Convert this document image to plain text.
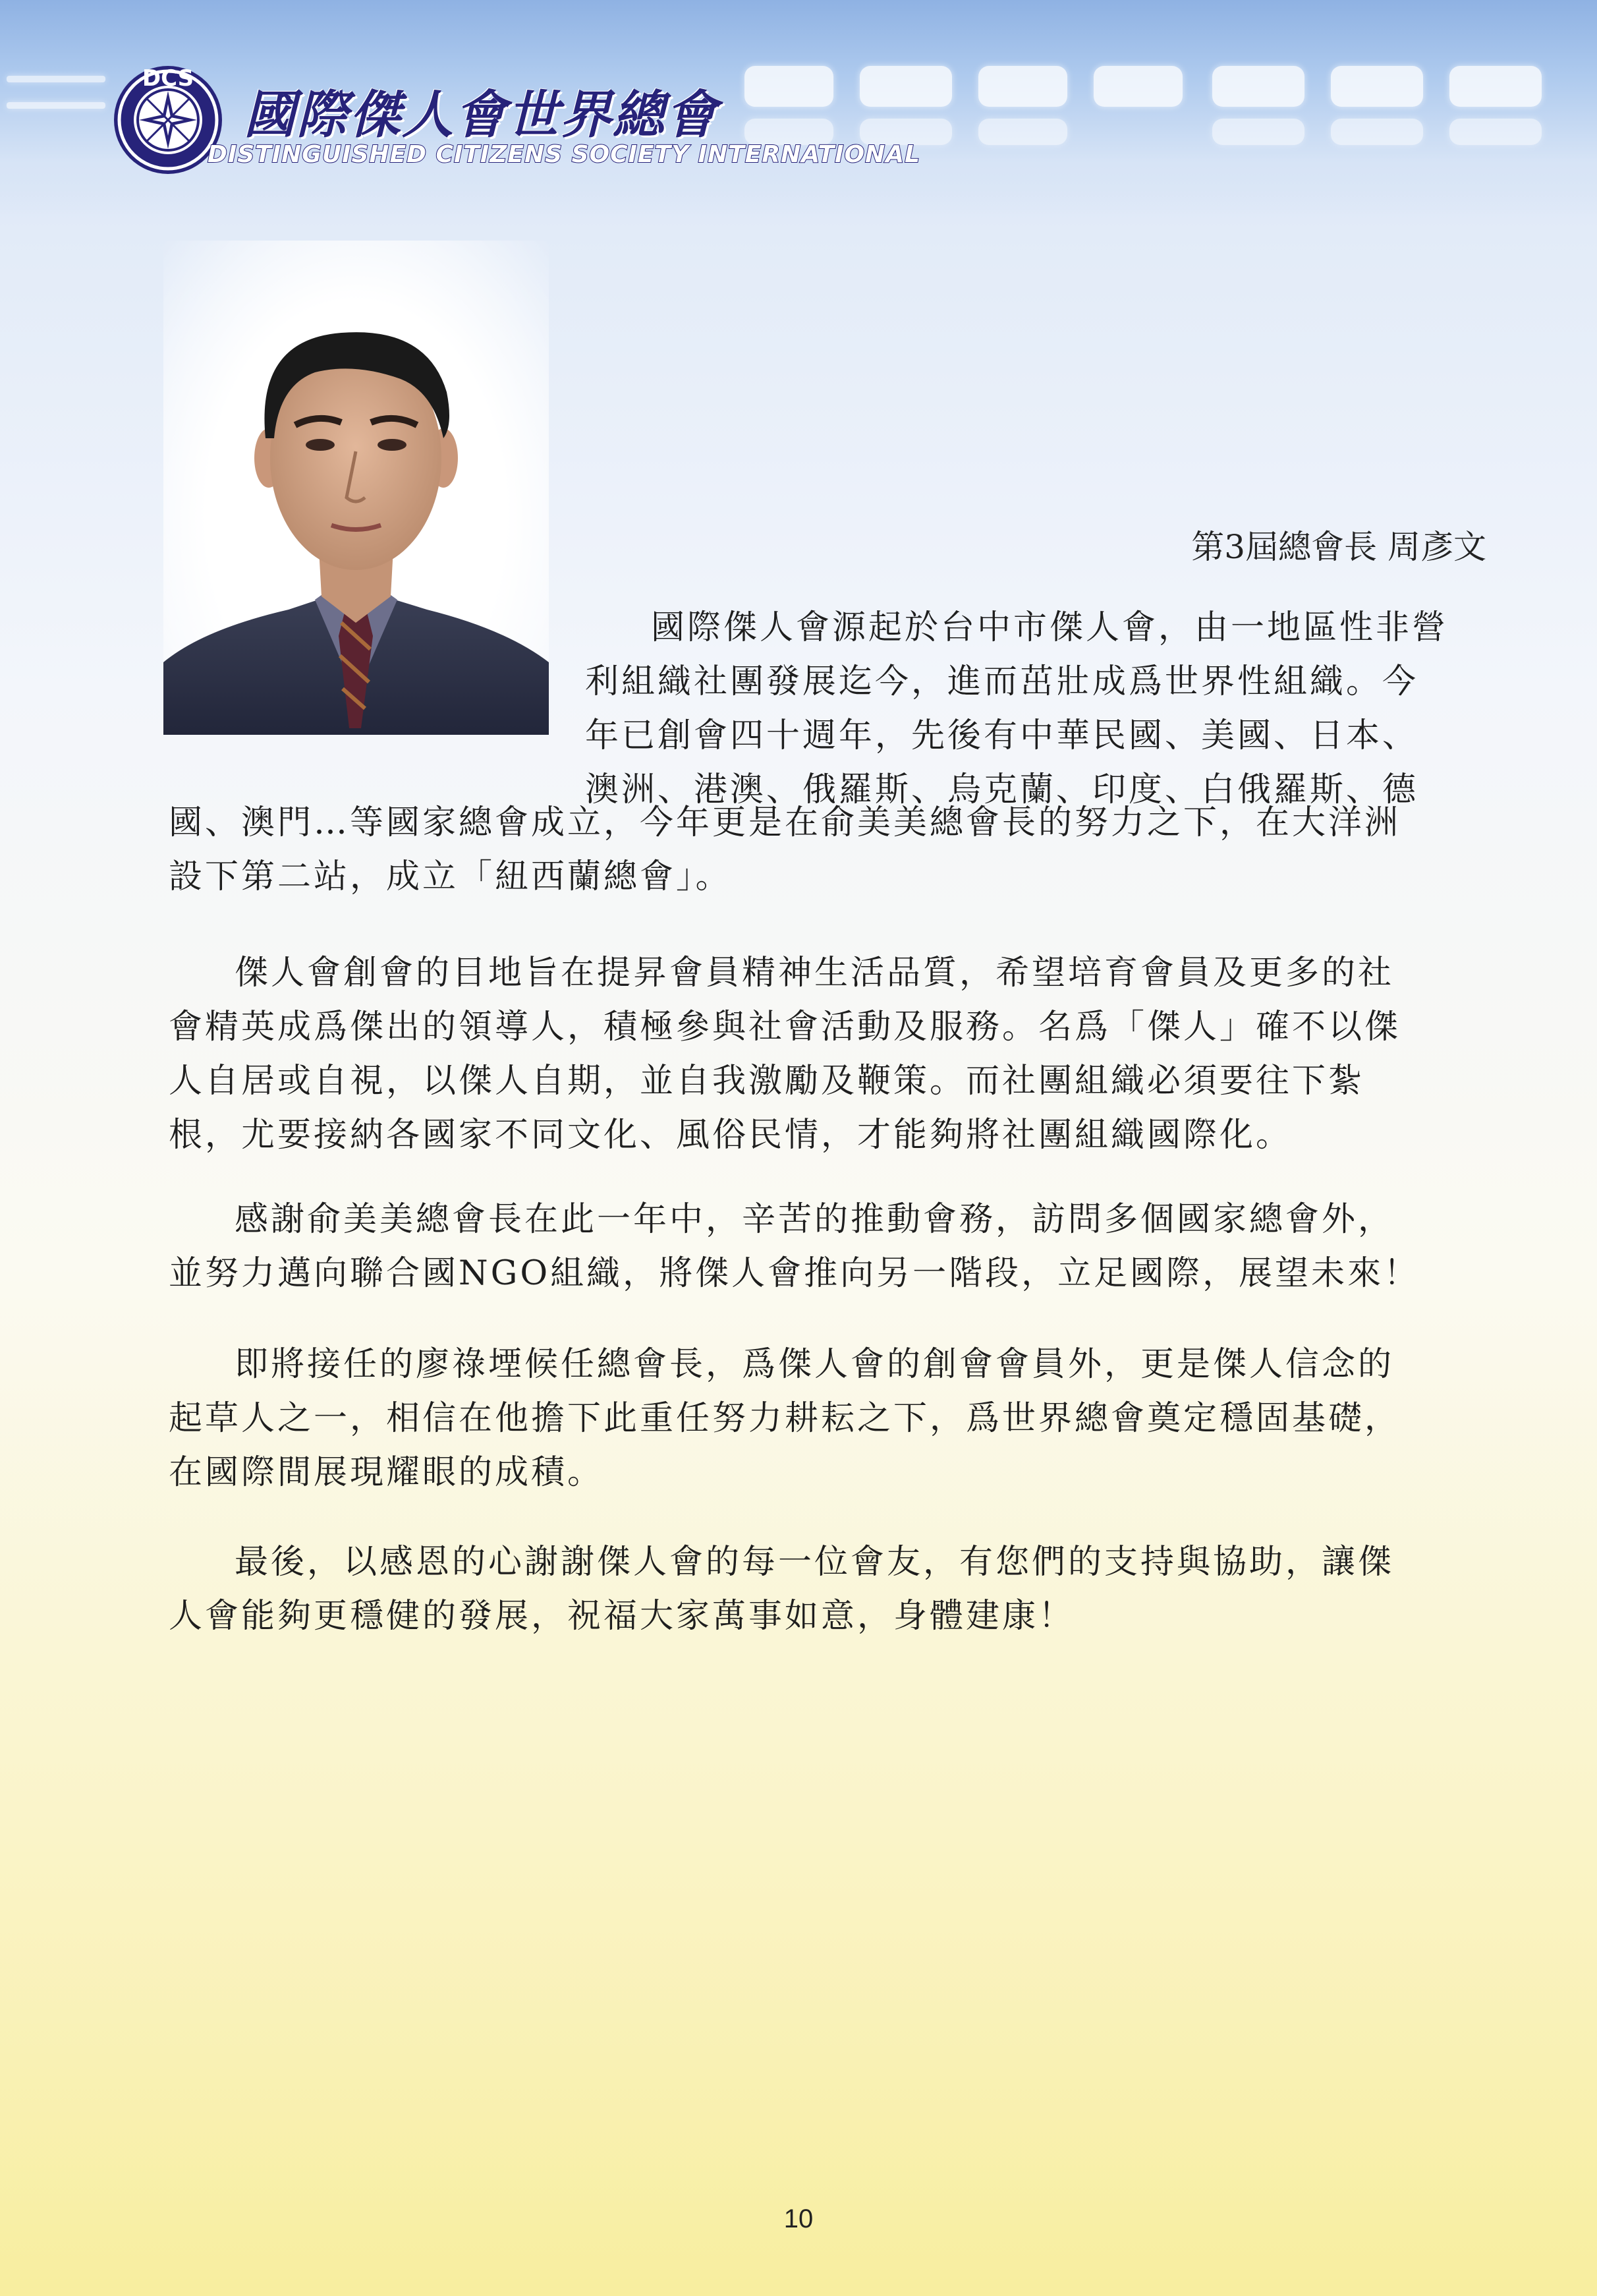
DCS
國際傑人會世界總會
DISTINGUISHED CITIZENS SOCIETY INTERNATIONAL
第3屆總會長 周彥文
國際傑人會源起於台中市傑人會，由一地區性非營
利組織社團發展迄今，進而茁壯成爲世界性組織。今
年已創會四十週年，先後有中華民國、美國、日本、
澳洲、港澳、俄羅斯、烏克蘭、印度、白俄羅斯、德
國、澳門…等國家總會成立，今年更是在俞美美總會長的努力之下，在大洋洲
設下第二站，成立「紐西蘭總會」。
傑人會創會的目地旨在提昇會員精神生活品質，希望培育會員及更多的社
會精英成爲傑出的領導人，積極參與社會活動及服務。名爲「傑人」確不以傑
人自居或自視，以傑人自期，並自我激勵及鞭策。而社團組織必須要往下紮
根，尤要接納各國家不同文化、風俗民情，才能夠將社團組織國際化。
感謝俞美美總會長在此一年中，辛苦的推動會務，訪問多個國家總會外，
並努力邁向聯合國NGO組織，將傑人會推向另一階段，立足國際，展望未來！
即將接任的廖祿堙候任總會長，爲傑人會的創會會員外，更是傑人信念的
起草人之一，相信在他擔下此重任努力耕耘之下，爲世界總會奠定穩固基礎，
在國際間展現耀眼的成積。
最後，以感恩的心謝謝傑人會的每一位會友，有您們的支持與協助，讓傑
人會能夠更穩健的發展，祝福大家萬事如意，身體建康！
10
